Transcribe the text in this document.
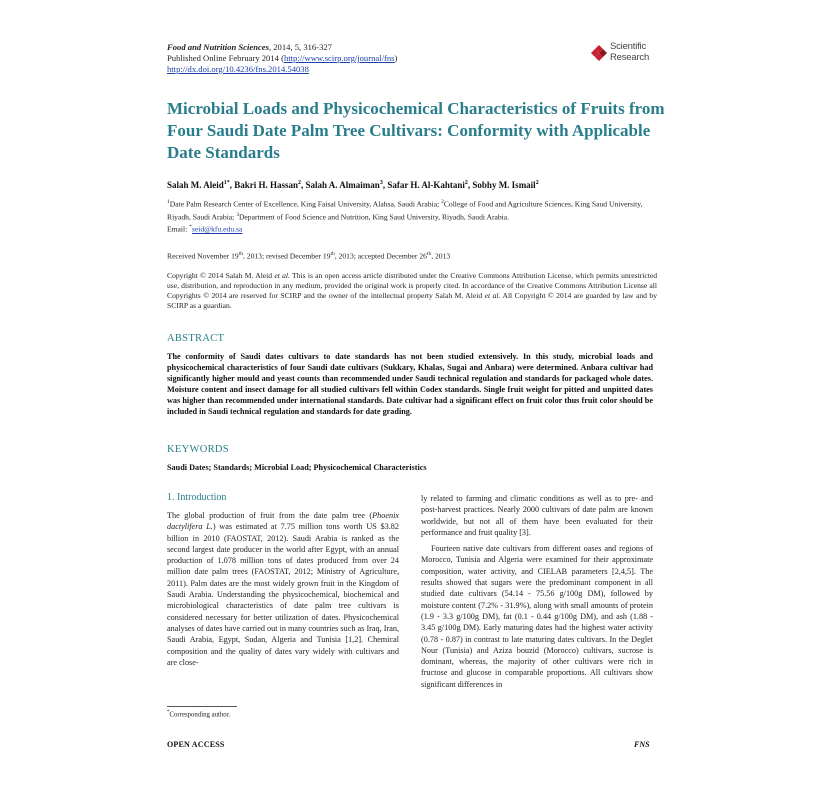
Food and Nutrition Sciences, 2014, 5, 316-327
Published Online February 2014 (http://www.scirp.org/journal/fns)
http://dx.doi.org/10.4236/fns.2014.54038
Scientific
Research
Microbial Loads and Physicochemical Characteristics of Fruits from Four Saudi Date Palm Tree Cultivars: Conformity with Applicable Date Standards
Salah M. Aleid$^{1*}$, Bakri H. Hassan$^2$, Salah A. Almaiman$^3$, Safar H. Al-Kahtani$^2$, Sobhy M. Ismail$^2$
$^1$Date Palm Research Center of Excellence, King Faisal University, Alahsa, Saudi Arabia; $^2$College of Food and Agriculture Sciences, King Saud University, Riyadh, Saudi Arabia; $^3$Department of Food Science and Nutrition, King Saud University, Riyadh, Saudi Arabia.
Email: *seid@kfu.edu.sa
Received November 19th, 2013; revised December 19th, 2013; accepted December 26th, 2013
Copyright © 2014 Salah M. Aleid et al. This is an open access article distributed under the Creative Commons Attribution License, which permits unrestricted use, distribution, and reproduction in any medium, provided the original work is properly cited. In accordance of the Creative Commons Attribution License all Copyrights © 2014 are reserved for SCIRP and the owner of the intellectual property Salah M. Aleid et al. All Copyright © 2014 are guarded by law and by SCIRP as a guardian.
ABSTRACT
The conformity of Saudi dates cultivars to date standards has not been studied extensively. In this study, microbial loads and physicochemical characteristics of four Saudi date cultivars (Sukkary, Khalas, Sugai and Anbara) were determined. Anbara cultivar had significantly higher mould and yeast counts than recommended under Saudi technical regulation and standards for packaged whole dates. Moisture content and insect damage for all studied cultivars fell within Codex standards. Single fruit weight for pitted and unpitted dates was higher than recommended under international standards. Date cultivar had a significant effect on fruit color thus fruit color should be included in Saudi technical regulation and standards for date grading.
KEYWORDS
Saudi Dates; Standards; Microbial Load; Physicochemical Characteristics
1. Introduction

The global production of fruit from the date palm tree (Phoenix dactylifera L.) was estimated at 7.75 million tons worth US $3.82 billion in 2010 (FAOSTAT, 2012). Saudi Arabia is ranked as the second largest date producer in the world after Egypt, with an annual production of 1.078 million tons of dates produced from over 24 million date palm trees (FAOSTAT, 2012; Ministry of Agriculture, 2011). Palm dates are the most widely grown fruit in the Kingdom of Saudi Arabia. Understanding the physicochemical, biochemical and microbiological characteristics of date palm tree cultivars is considered necessary for better utilization of dates. Physicochemical analyses of dates have carried out in many countries such as Iraq, Iran, Saudi Arabia, Egypt, Sudan, Algeria and Tunisia [1,2]. Chemical composition and the quality of dates vary widely with cultivars and are close-

ly related to farming and climatic conditions as well as to pre- and post-harvest practices. Nearly 2000 cultivars of date palm are known worldwide, but not all of them have been evaluated for their performance and fruit quality [3].

Fourteen native date cultivars from different oases and regions of Morocco, Tunisia and Algeria were examined for their approximate composition, water activity, and CIELAB parameters [2,4,5]. The results showed that sugars were the predominant component in all studied date cultivars (54.14 - 75.56 g/100g DM), followed by moisture content (7.2% - 31.9%), along with small amounts of protein (1.9 - 3.3 g/100g DM), fat (0.1 - 0.44 g/100g DM), and ash (1.88 - 3.45 g/100g DM). Early maturing dates had the highest water activity (0.78 - 0.87) in contrast to late maturing dates cultivars. In the Deglet Nour (Tunisia) and Aziza bouzid (Morocco) cultivars, sucrose is dominant, whereas, the majority of other cultivars were rich in fructose and glucose in comparable proportions. All cultivars show significant differences in

*Corresponding author.
OPEN ACCESS	FNS
